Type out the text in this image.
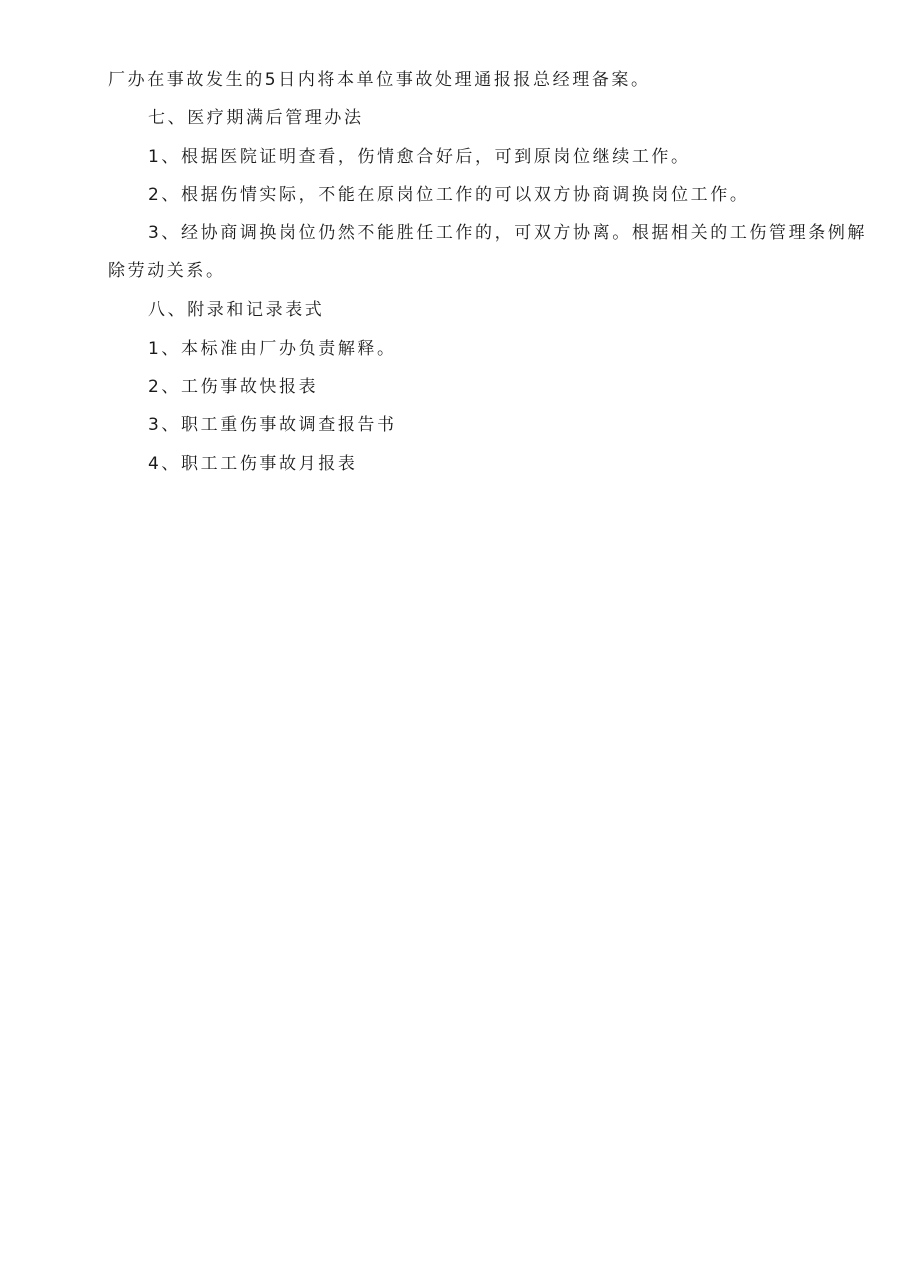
厂办在事故发生的5日内将本单位事故处理通报报总经理备案。
七、医疗期满后管理办法
1、根据医院证明查看，伤情愈合好后，可到原岗位继续工作。
2、根据伤情实际，不能在原岗位工作的可以双方协商调换岗位工作。
3、经协商调换岗位仍然不能胜任工作的，可双方协离。根据相关的工伤管理条例解
除劳动关系。
八、附录和记录表式
1、本标准由厂办负责解释。
2、工伤事故快报表
3、职工重伤事故调查报告书
4、职工工伤事故月报表
